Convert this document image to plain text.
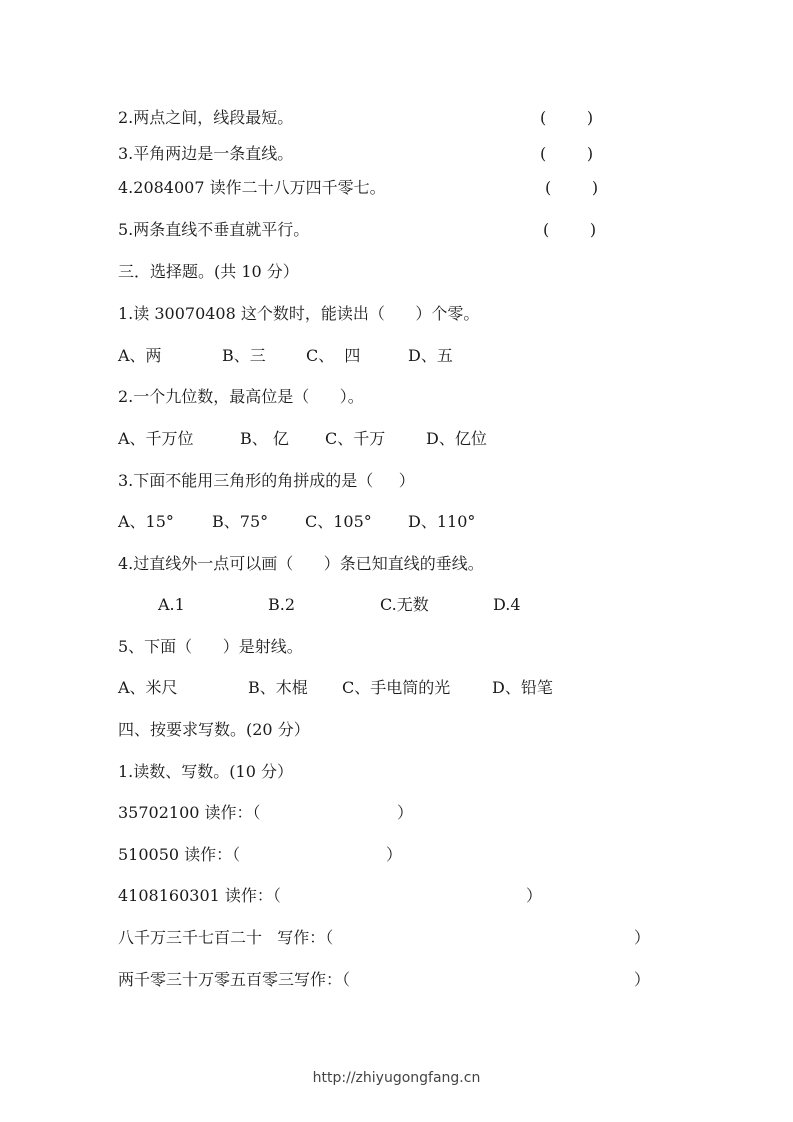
2.两点之间，线段最短。	(        )
3.平角两边是一条直线。	(        )
4.2084007 读作二十八万四千零七。	(        )
5.两条直线不垂直就平行。	(        )
三．选择题。(共 10 分）
1.读 30070408 这个数时，能读出（      ）个零。
A、两	B、三	C、  四	D、五
2.一个九位数，最高位是（      ）。
A、千万位	B、 亿 C、千万	D、亿位
3.下面不能用三角形的角拼成的是（     ）
A、15° B、75° C、105° D、110°
4.过直线外一点可以画（      ）条已知直线的垂线。
A.1	B.2	C.无数	D.4
5、下面（      ）是射线。
A、米尺	B、木棍 C、手电筒的光	D、铅笔
四、按要求写数。(20 分）
1.读数、写数。(10 分）
35702100 读作：（	）
510050 读作：（	）
4108160301 读作：（	）
八千万三千七百二十   写作：（	）
两千零三十万零五百零三写作：（	）
http://zhiyugongfang.cn
